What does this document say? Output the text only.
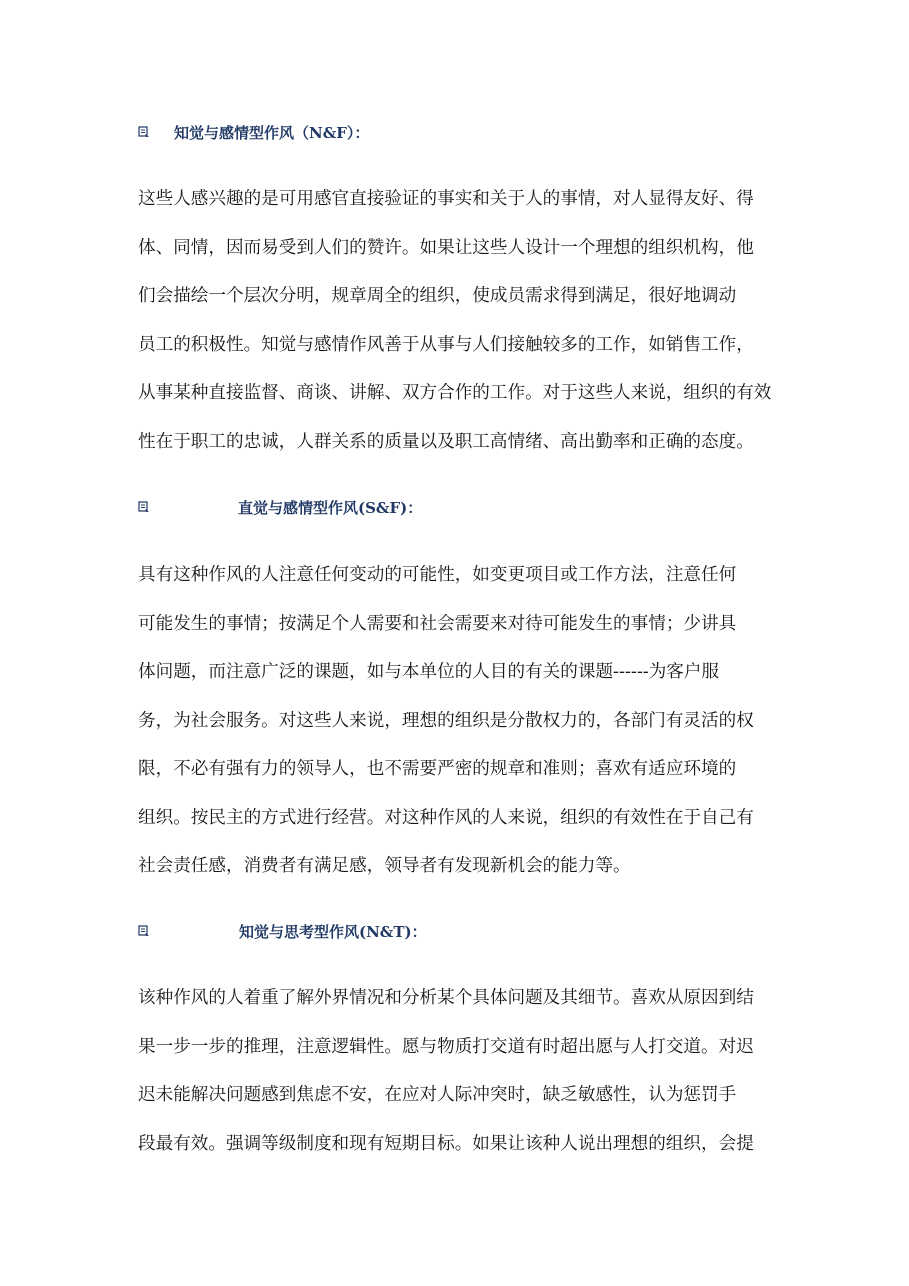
知觉与感情型作风（N&F）：
这些人感兴趣的是可用感官直接验证的事实和关于人的事情，对人显得友好、得
体、同情，因而易受到人们的赞许。如果让这些人设计一个理想的组织机构，他
们会描绘一个层次分明，规章周全的组织，使成员需求得到满足，很好地调动
员工的积极性。知觉与感情作风善于从事与人们接触较多的工作，如销售工作，
从事某种直接监督、商谈、讲解、双方合作的工作。对于这些人来说，组织的有效
性在于职工的忠诚，人群关系的质量以及职工高情绪、高出勤率和正确的态度。
直觉与感情型作风(S&F)：
具有这种作风的人注意任何变动的可能性，如变更项目或工作方法，注意任何
可能发生的事情；按满足个人需要和社会需要来对待可能发生的事情；少讲具
体问题，而注意广泛的课题，如与本单位的人目的有关的课题------为客户服
务，为社会服务。对这些人来说，理想的组织是分散权力的，各部门有灵活的权
限，不必有强有力的领导人，也不需要严密的规章和准则；喜欢有适应环境的
组织。按民主的方式进行经营。对这种作风的人来说，组织的有效性在于自己有
社会责任感，消费者有满足感，领导者有发现新机会的能力等。
知觉与思考型作风(N&T)：
该种作风的人着重了解外界情况和分析某个具体问题及其细节。喜欢从原因到结
果一步一步的推理，注意逻辑性。愿与物质打交道有时超出愿与人打交道。对迟
迟未能解决问题感到焦虑不安，在应对人际冲突时，缺乏敏感性，认为惩罚手
段最有效。强调等级制度和现有短期目标。如果让该种人说出理想的组织，会提
